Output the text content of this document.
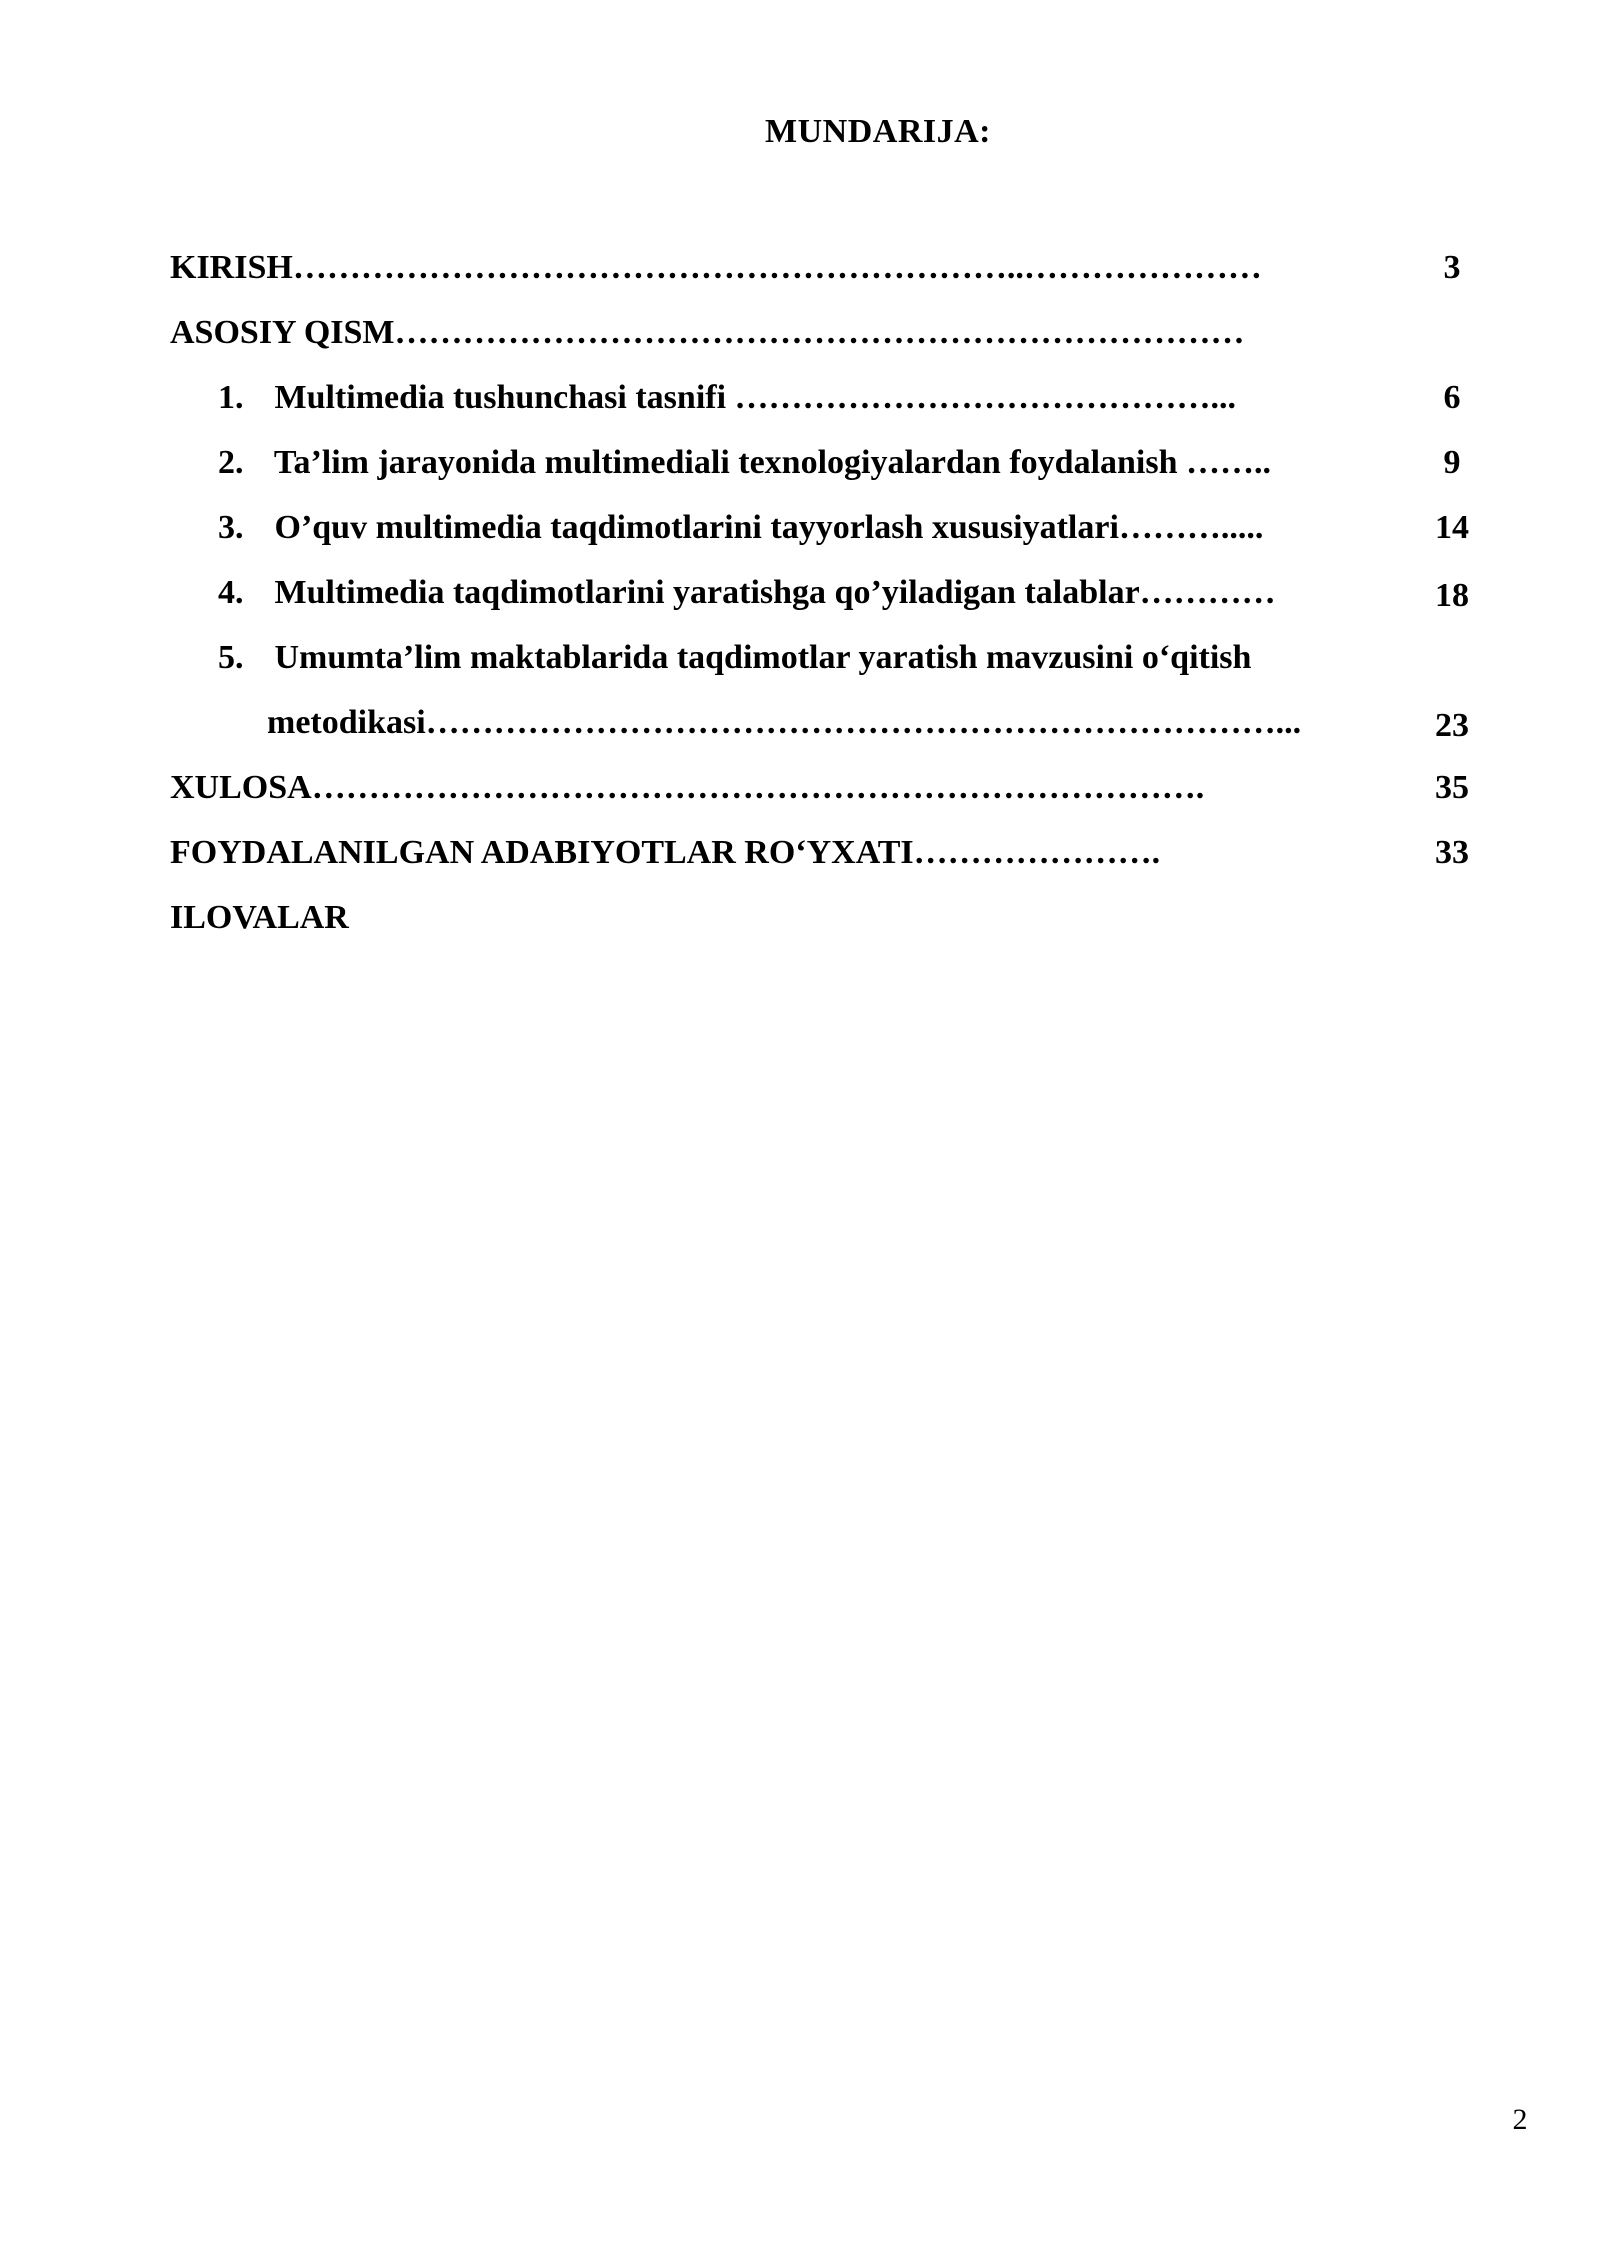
MUNDARIJA:
KIRISH………………………………………………………..…………………	3
ASOSIY QISM…………………………………………………………………
1. Multimedia tushunchasi tasnifi ……………………………………...	6
2. Ta’lim jarayonida multimediali texnologiyalardan foydalanish ……..	9
3. O’quv multimedia taqdimotlarini tayyorlash xususiyatlari……….....	14
4. Multimedia taqdimotlarini yaratishga qo’yiladigan talablar…………	18
5. Umumta’lim maktablarida taqdimotlar yaratish mavzusini o‘qitish
metodikasi…………………………………………………………………...	23
XULOSA…………………………………………………………………….	35
FOYDALANILGAN ADABIYOTLAR RO‘YXATI………………….	33
ILOVALAR
2
